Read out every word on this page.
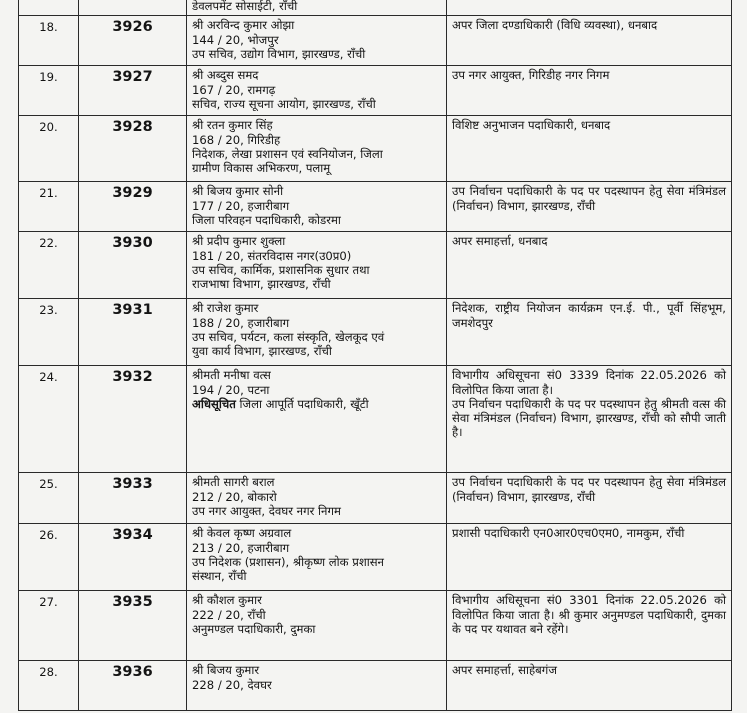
		डेवलपमेंट सोसाईटी, राँची	

18.	3926	श्री अरविन्द कुमार ओझा
144 / 20, भोजपुर
उप सचिव, उद्योग विभाग, झारखण्ड, राँची	अपर जिला दण्डाधिकारी (विधि व्यवस्था), धनबाद

19.	3927	श्री अब्दुस समद
167 / 20, रामगढ़
सचिव, राज्य सूचना आयोग, झारखण्ड, राँची	उप नगर आयुक्त, गिरिडीह नगर निगम

20.	3928	श्री रतन कुमार सिंह
168 / 20, गिरिडीह
निदेशक, लेखा प्रशासन एवं स्वनियोजन, जिला
ग्रामीण विकास अभिकरण, पलामू	विशिष्ट अनुभाजन पदाधिकारी, धनबाद

21.	3929	श्री बिजय कुमार सोनी
177 / 20, हजारीबाग
जिला परिवहन पदाधिकारी, कोडरमा	उप निर्वाचन पदाधिकारी के पद पर पदस्थापन हेतु सेवा मंत्रिमंडल (निर्वाचन) विभाग, झारखण्ड, राँची

22.	3930	श्री प्रदीप कुमार शुक्ला
181 / 20, संतरविदास नगर(उ0प्र0)
उप सचिव, कार्मिक, प्रशासनिक सुधार तथा
राजभाषा विभाग, झारखण्ड, राँची	अपर समाहर्त्ता, धनबाद

23.	3931	श्री राजेश कुमार
188 / 20, हजारीबाग
उप सचिव, पर्यटन, कला संस्कृति, खेलकूद एवं
युवा कार्य विभाग, झारखण्ड, राँची	निदेशक, राष्ट्रीय नियोजन कार्यक्रम एन.ई. पी., पूर्वी सिंहभूम, जमशेदपुर

24.	3932	श्रीमती मनीषा वत्स
194 / 20, पटना
अधिसूचित जिला आपूर्ति पदाधिकारी, खूँटी	विभागीय अधिसूचना सं0 3339 दिनांक 22.05.2026 को विलोपित किया जाता है।
उप निर्वाचन पदाधिकारी के पद पर पदस्थापन हेतु श्रीमती वत्स की सेवा मंत्रिमंडल (निर्वाचन) विभाग, झारखण्ड, राँची को सौपी जाती है।

25.	3933	श्रीमती सागरी बराल
212 / 20, बोकारो
उप नगर आयुक्त, देवघर नगर निगम	उप निर्वाचन पदाधिकारी के पद पर पदस्थापन हेतु सेवा मंत्रिमंडल (निर्वाचन) विभाग, झारखण्ड, राँची

26.	3934	श्री केवल कृष्ण अग्रवाल
213 / 20, हजारीबाग
उप निदेशक (प्रशासन), श्रीकृष्ण लोक प्रशासन
संस्थान, राँची	प्रशासी पदाधिकारी एन0आर0एच0एम0, नामकुम, राँची

27.	3935	श्री कौशल कुमार
222 / 20, राँची
अनुमण्डल पदाधिकारी, दुमका	विभागीय अधिसूचना सं0 3301 दिनांक 22.05.2026 को विलोपित किया जाता है। श्री कुमार अनुमण्डल पदाधिकारी, दुमका के पद पर यथावत बने रहेंगे।

28.	3936	श्री बिजय कुमार
228 / 20, देवघर	अपर समाहर्त्ता, साहेबगंज
